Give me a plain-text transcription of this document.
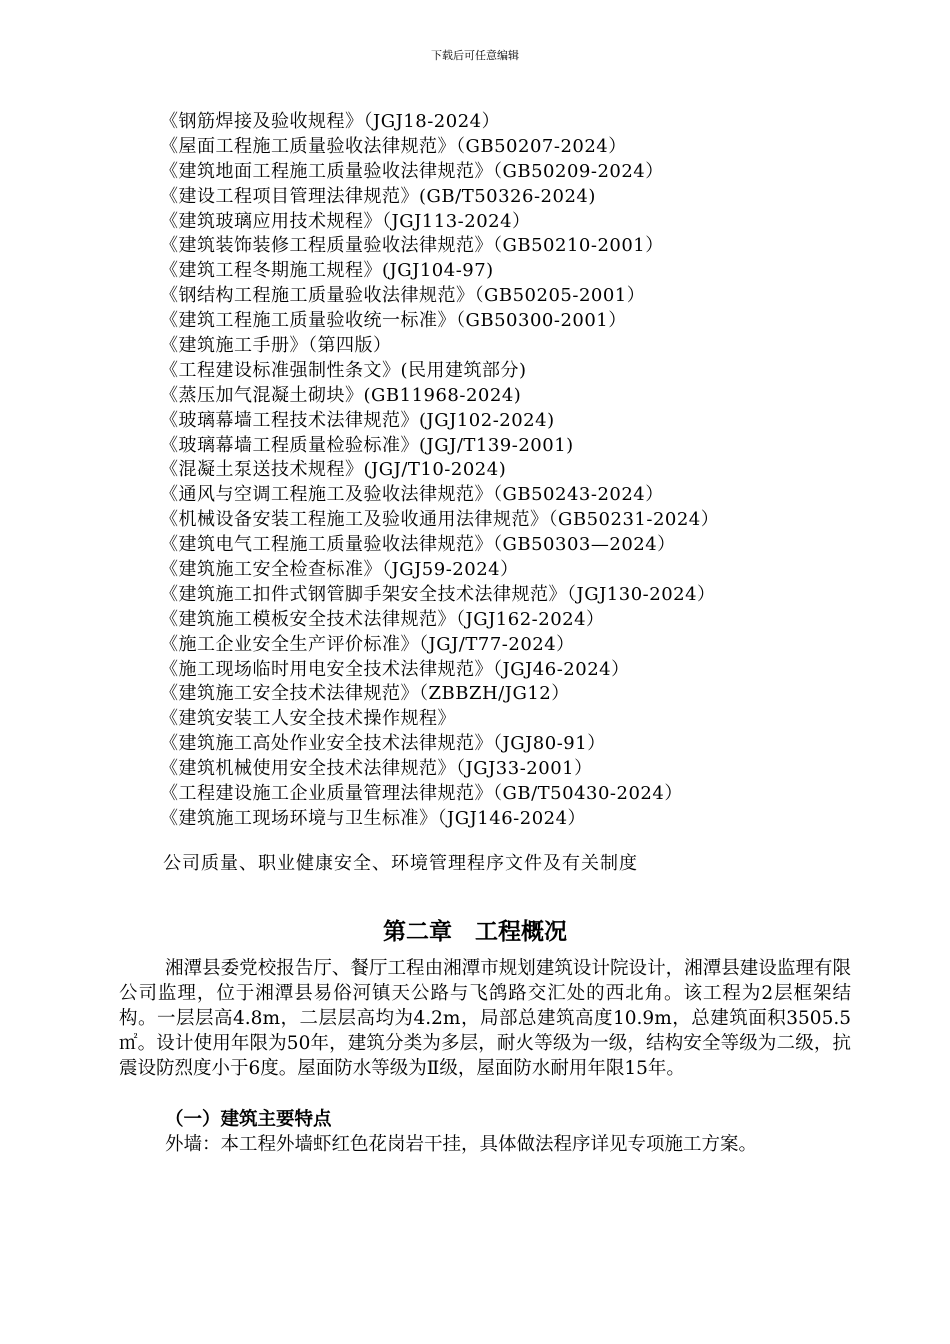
下载后可任意编辑
《钢筋焊接及验收规程》（JGJ18-2024）
《屋面工程施工质量验收法律规范》（GB50207-2024）
《建筑地面工程施工质量验收法律规范》（GB50209-2024）
《建设工程项目管理法律规范》(GB/T50326-2024)
《建筑玻璃应用技术规程》（JGJ113-2024）
《建筑装饰装修工程质量验收法律规范》（GB50210-2001）
《建筑工程冬期施工规程》(JGJ104-97)
《钢结构工程施工质量验收法律规范》（GB50205-2001）
《建筑工程施工质量验收统一标准》（GB50300-2001）
《建筑施工手册》（第四版）
《工程建设标准强制性条文》(民用建筑部分)
《蒸压加气混凝土砌块》(GB11968-2024)
《玻璃幕墙工程技术法律规范》(JGJ102-2024)
《玻璃幕墙工程质量检验标准》(JGJ/T139-2001)
《混凝土泵送技术规程》(JGJ/T10-2024)
《通风与空调工程施工及验收法律规范》（GB50243-2024）
《机械设备安装工程施工及验收通用法律规范》（GB50231-2024）
《建筑电气工程施工质量验收法律规范》（GB50303—2024）
《建筑施工安全检查标准》（JGJ59-2024）
《建筑施工扣件式钢管脚手架安全技术法律规范》（JGJ130-2024）
《建筑施工模板安全技术法律规范》（JGJ162-2024）
《施工企业安全生产评价标准》（JGJ/T77-2024）
《施工现场临时用电安全技术法律规范》（JGJ46-2024）
《建筑施工安全技术法律规范》（ZBBZH/JG12）
《建筑安装工人安全技术操作规程》
《建筑施工高处作业安全技术法律规范》（JGJ80-91）
《建筑机械使用安全技术法律规范》（JGJ33-2001）
《工程建设施工企业质量管理法律规范》（GB/T50430-2024）
《建筑施工现场环境与卫生标准》（JGJ146-2024）
公司质量、职业健康安全、环境管理程序文件及有关制度
第二章　工程概况

湘潭县委党校报告厅、餐厅工程由湘潭市规划建筑设计院设计，湘潭县建设监理有限公司监理，位于湘潭县易俗河镇天公路与飞鸽路交汇处的西北角。该工程为2层框架结构。一层层高4.8m，二层层高均为4.2m，局部总建筑高度10.9m，总建筑面积3505.5㎡。设计使用年限为50年，建筑分类为多层，耐火等级为一级，结构安全等级为二级，抗震设防烈度小于6度。屋面防水等级为Ⅱ级，屋面防水耐用年限15年。

（一）建筑主要特点

外墙：本工程外墙虾红色花岗岩干挂，具体做法程序详见专项施工方案。
